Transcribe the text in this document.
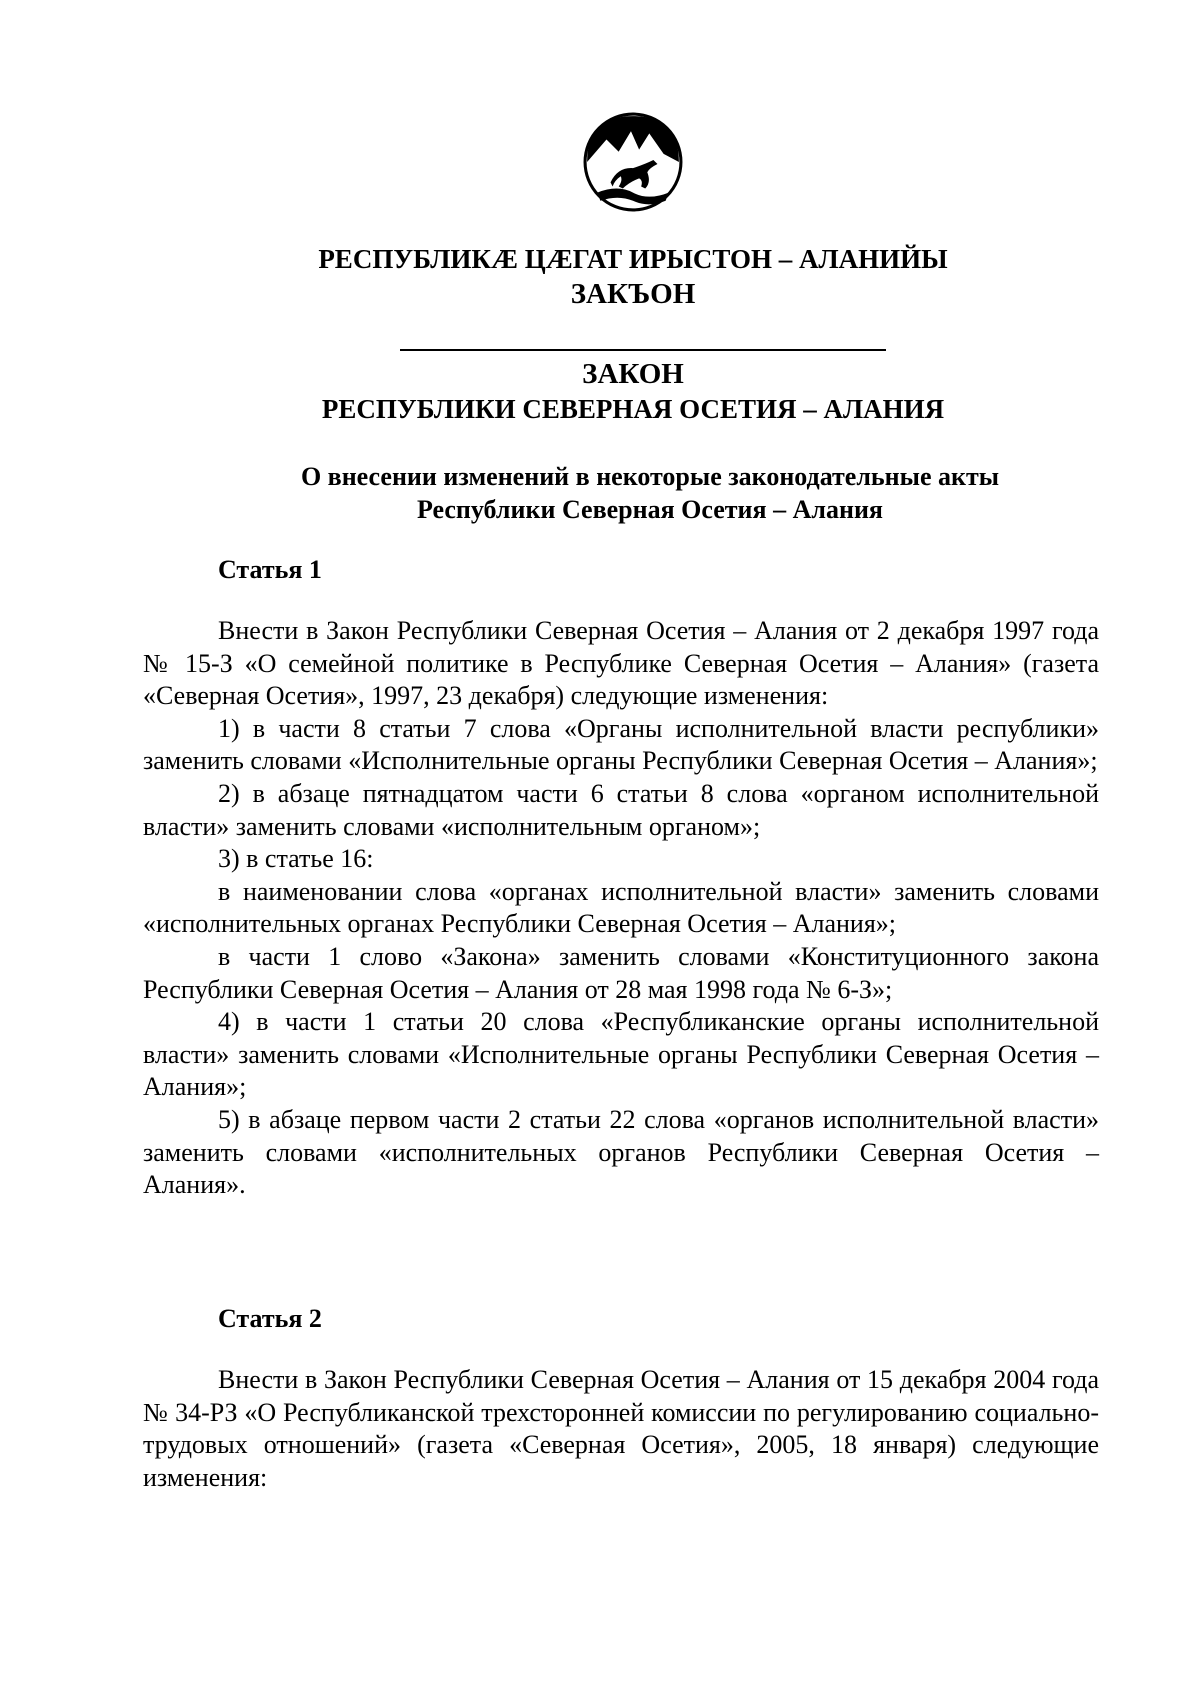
РЕСПУБЛИКÆ ЦÆГАТ ИРЫСТОН – АЛАНИЙЫ
ЗАКЪОН
ЗАКОН
РЕСПУБЛИКИ СЕВЕРНАЯ ОСЕТИЯ – АЛАНИЯ
О внесении изменений в некоторые законодательные акты
Республики Северная Осетия – Алания
Статья 1

Внести в Закон Республики Северная Осетия – Алания от 2 декабря 1997 года № 15-З «О семейной политике в Республике Северная Осетия – Алания» (газета «Северная Осетия», 1997, 23 декабря) следующие изменения:

1) в части 8 статьи 7 слова «Органы исполнительной власти республики» заменить словами «Исполнительные органы Республики Северная Осетия – Алания»;

2) в абзаце пятнадцатом части 6 статьи 8 слова «органом исполнительной власти» заменить словами «исполнительным органом»;

3) в статье 16:

в наименовании слова «органах исполнительной власти» заменить словами «исполнительных органах Республики Северная Осетия – Алания»;

в части 1 слово «Закона» заменить словами «Конституционного закона Республики Северная Осетия – Алания от 28 мая 1998 года № 6-З»;

4) в части 1 статьи 20 слова «Республиканские органы исполнительной власти» заменить словами «Исполнительные органы Республики Северная Осетия – Алания»;

5) в абзаце первом части 2 статьи 22 слова «органов исполнительной власти» заменить словами «исполнительных органов Республики Северная Осетия – Алания».

Статья 2

Внести в Закон Республики Северная Осетия – Алания от 15 декабря 2004 года № 34-РЗ «О Республиканской трехсторонней комиссии по регулированию социально-трудовых отношений» (газета «Северная Осетия», 2005, 18 января) следующие изменения:
